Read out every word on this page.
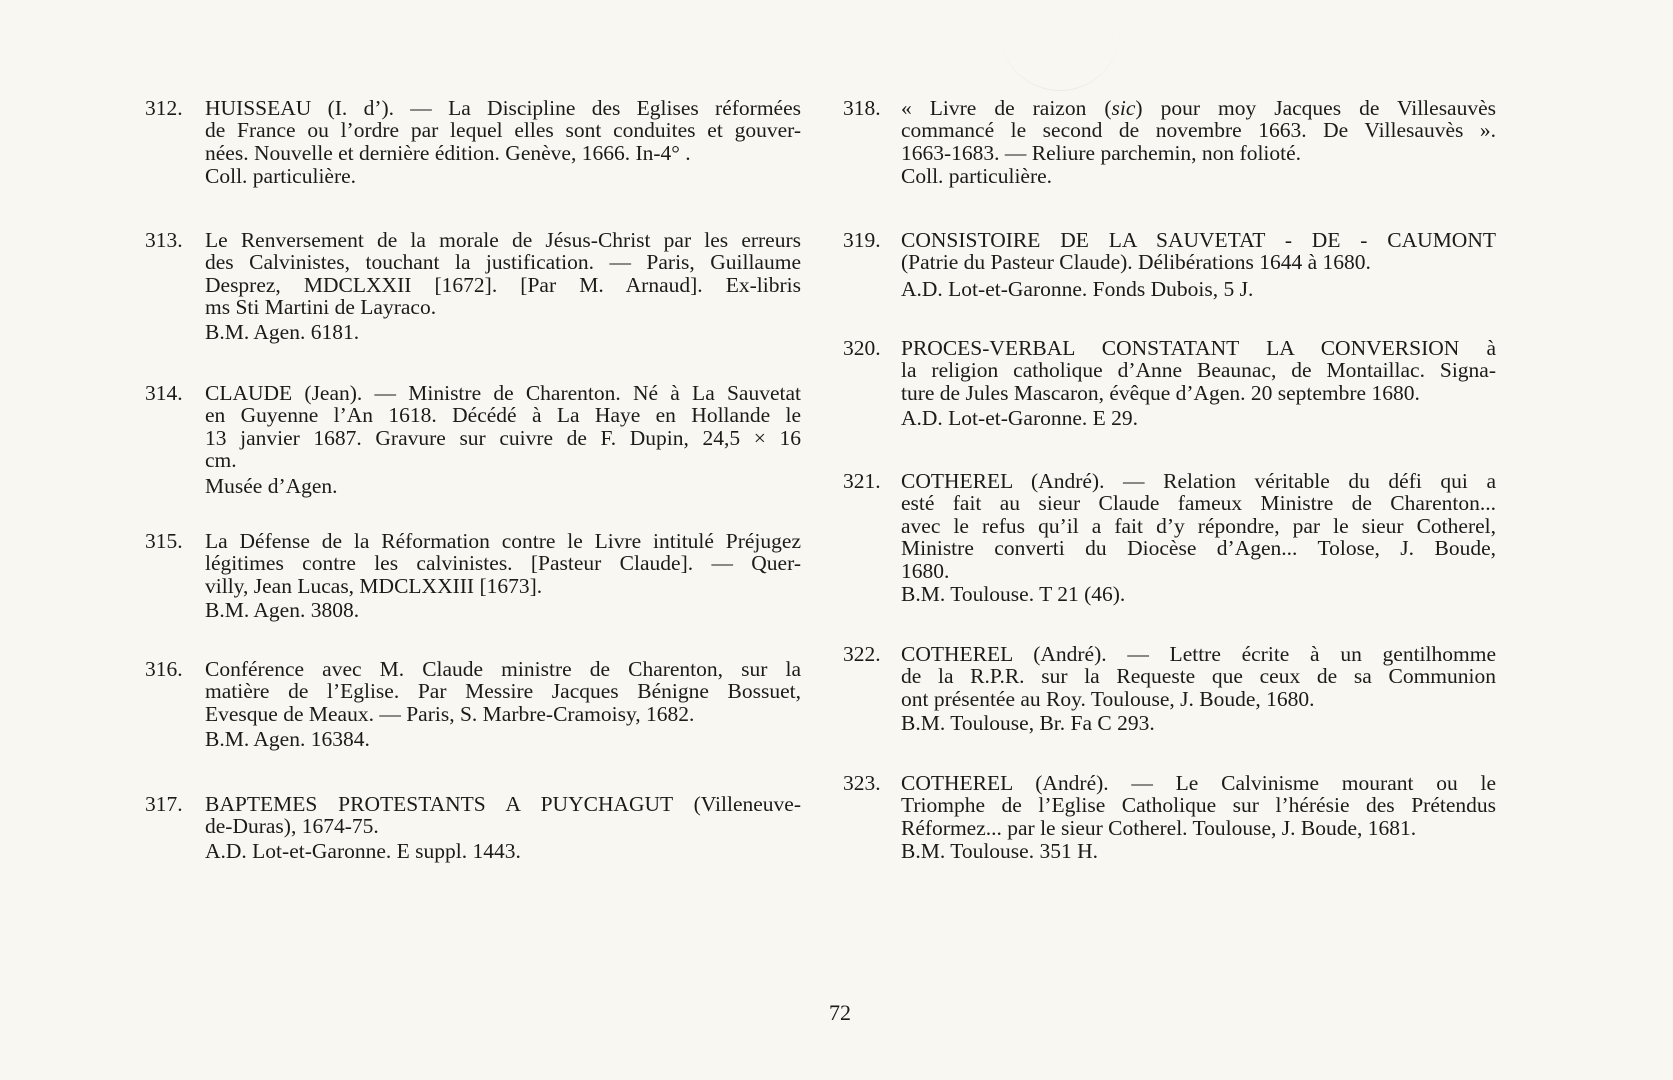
312. HUISSEAU (I. d’). — La Discipline des Eglises réformées
de France ou l’ordre par lequel elles sont conduites et gouver-
nées. Nouvelle et dernière édition. Genève, 1666. In-4° .
Coll. particulière.
313. Le Renversement de la morale de Jésus-Christ par les erreurs
des Calvinistes, touchant la justification. — Paris, Guillaume
Desprez, MDCLXXII [1672]. [Par M. Arnaud]. Ex-libris
ms Sti Martini de Layraco.
B.M. Agen. 6181.
314. CLAUDE (Jean). — Ministre de Charenton. Né à La Sauvetat
en Guyenne l’An 1618. Décédé à La Haye en Hollande le
13 janvier 1687. Gravure sur cuivre de F. Dupin, 24,5 × 16
cm.
Musée d’Agen.
315. La Défense de la Réformation contre le Livre intitulé Préjugez
légitimes contre les calvinistes. [Pasteur Claude]. — Quer-
villy, Jean Lucas, MDCLXXIII [1673].
B.M. Agen. 3808.
316. Conférence avec M. Claude ministre de Charenton, sur la
matière de l’Eglise. Par Messire Jacques Bénigne Bossuet,
Evesque de Meaux. — Paris, S. Marbre-Cramoisy, 1682.
B.M. Agen. 16384.
317. BAPTEMES PROTESTANTS A PUYCHAGUT (Villeneuve-
de-Duras), 1674-75.
A.D. Lot-et-Garonne. E suppl. 1443.
318. « Livre de raizon (sic) pour moy Jacques de Villesauvès
commancé le second de novembre 1663. De Villesauvès ».
1663-1683. — Reliure parchemin, non folioté.
Coll. particulière.
319. CONSISTOIRE DE LA SAUVETAT - DE - CAUMONT
(Patrie du Pasteur Claude). Délibérations 1644 à 1680.
A.D. Lot-et-Garonne. Fonds Dubois, 5 J.
320. PROCES-VERBAL CONSTATANT LA CONVERSION à
la religion catholique d’Anne Beaunac, de Montaillac. Signa-
ture de Jules Mascaron, évêque d’Agen. 20 septembre 1680.
A.D. Lot-et-Garonne. E 29.
321. COTHEREL (André). — Relation véritable du défi qui a
esté fait au sieur Claude fameux Ministre de Charenton...
avec le refus qu’il a fait d’y répondre, par le sieur Cotherel,
Ministre converti du Diocèse d’Agen... Tolose, J. Boude,
1680.
B.M. Toulouse. T 21 (46).
322. COTHEREL (André). — Lettre écrite à un gentilhomme
de la R.P.R. sur la Requeste que ceux de sa Communion
ont présentée au Roy. Toulouse, J. Boude, 1680.
B.M. Toulouse, Br. Fa C 293.
323. COTHEREL (André). — Le Calvinisme mourant ou le
Triomphe de l’Eglise Catholique sur l’hérésie des Prétendus
Réformez... par le sieur Cotherel. Toulouse, J. Boude, 1681.
B.M. Toulouse. 351 H.
72
